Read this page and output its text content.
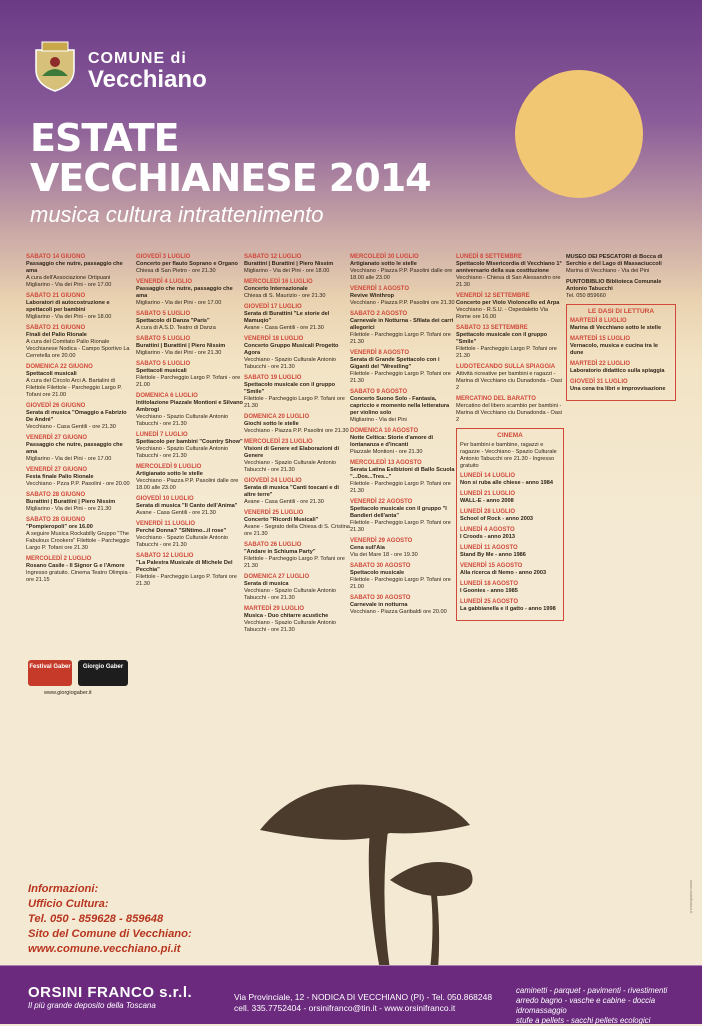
COMUNE di
Vecchiano
ESTATE
VECCHIANESE 2014
musica cultura intrattenimento
SABATO 14 GIUGNO
Passaggio che nutre, passaggio che ama
A cura dell'Associazione Ortipuani Migliarino - Via dei Pini - ore 17.00
SABATO 21 GIUGNO
Laboratori di autocostruzione e spettacoli per bambini
Migliarino - Via dei Pini - ore 18.00
SABATO 21 GIUGNO
Finali del Palio Rionale
A cura del Comitato Palio Rionale Vecchianese Nodica - Campo Sportivo La Cerretella ore 20.00
DOMENICA 22 GIUGNO
Spettacoli musicali
A cura del Circolo Arci A. Bartalini di Filettole Filettole - Parcheggio Largo P. Tofani ore 21.00
GIOVEDÌ 26 GIUGNO
Serata di musica "Omaggio a Fabrizio De André"
Vecchiano - Casa Gentili - ore 21.30
VENERDÌ 27 GIUGNO
Passaggio che nutre, passaggio che ama
Migliarino - Via dei Pini - ore 17.00
VENERDÌ 27 GIUGNO
Festa finale Palio Rionale
Vecchiano - Pzza P.P. Pasolini - ore 20.00
SABATO 28 GIUGNO
Burattini | Burattini | Piero Nissim
Migliarino - Via dei Pini - ore 21.30
SABATO 28 GIUGNO
"Pompieropoli" ore 16.00
A seguire Musica Rockabilly Gruppo "The Fabulous Crookers" Filettole - Parcheggio Largo P. Tofani ore 21.30
MERCOLEDÌ 2 LUGLIO
Rosano Casile - Il Signor G e l'Amore
Ingresso gratuito. Cinema Teatro Olimpia - ore 21.15
GIOVEDÌ 3 LUGLIO
Concerto per flauto Soprano e Organo
Chiesa di San Pietro - ore 21.30
VENERDÌ 4 LUGLIO
Passaggio che nutre, passaggio che ama
Migliarino - Via dei Pini - ore 17.00
SABATO 5 LUGLIO
Spettacolo di Danza "Paris"
A cura di A.S.D. Teatro di Danza
SABATO 5 LUGLIO
Burattini | Burattini | Piero Nissim
Migliarino - Via dei Pini - ore 21.30
SABATO 5 LUGLIO
Spettacoli musicali
Filettole - Parcheggio Largo P. Tofani - ore 21.00
DOMENICA 6 LUGLIO
Intitolazione Piazzale Montioni e Silvano Ambrogi
Vecchiano - Spazio Culturale Antonio Tabucchi - ore 21.30
LUNEDÌ 7 LUGLIO
Spettacolo per bambini "Country Show"
Vecchiano - Spazio Culturale Antonio Tabucchi - ore 21.30
MERCOLEDÌ 9 LUGLIO
Artigianato sotto le stelle
Vecchiano - Piazza P.P. Pasolini dalle ore 18.00 alle 23.00
GIOVEDÌ 10 LUGLIO
Serata di musica "Il Canto dell'Anima"
Avane - Casa Gentili - ore 21.30
VENERDÌ 11 LUGLIO
Perché Donna? "SINtimo...il rose"
Vecchiano - Spazio Culturale Antonio Tabucchi - ore 21.30
SABATO 12 LUGLIO
"La Palestra Musicale di Michele Del Pecchia"
Filettole - Parcheggio Largo P. Tofani ore 21.30
SABATO 12 LUGLIO
Burattini | Burattini | Piero Nissim
Migliarino - Via dei Pini - ore 18.00
MERCOLEDÌ 16 LUGLIO
Concerto Internazionale
Chiesa di S. Maurizio - ore 21.30
GIOVEDÌ 17 LUGLIO
Serata di Burattini "Le storie del Mamuqio"
Avane - Casa Gentili - ore 21.30
VENERDÌ 18 LUGLIO
Concerto Gruppo Musicali Progetto Agora
Vecchiano - Spazio Culturale Antonio Tabucchi - ore 21.30
SABATO 19 LUGLIO
Spettacolo musicale con il gruppo "Smile"
Filettole - Parcheggio Largo P. Tofani ore 21.30
DOMENICA 20 LUGLIO
Giochi sotto le stelle
Vecchiano - Piazza P.P. Pasolini ore 21.30
MERCOLEDÌ 23 LUGLIO
Visioni di Genere ed Elaborazioni di Genere
Vecchiano - Spazio Culturale Antonio Tabucchi - ore 21.30
GIOVEDÌ 24 LUGLIO
Serata di musica "Canti toscani e di altre terre"
Avane - Casa Gentili - ore 21.30
VENERDÌ 25 LUGLIO
Concerto "Ricordi Musicali"
Avane - Segrato della Chiesa di S. Cristina ore 21.30
SABATO 26 LUGLIO
"Andare in Schiuma Party"
Filettole - Parcheggio Largo P. Tofani ore 21.30
DOMENICA 27 LUGLIO
Serata di musica
Vecchiano - Spazio Culturale Antonio Tabucchi - ore 21.30
MARTEDÌ 29 LUGLIO
Musica - Duo chitarre acustiche
Vecchiano - Spazio Culturale Antonio Tabucchi - ore 21.30
MERCOLEDÌ 30 LUGLIO
Artigianato sotto le stelle
Vecchiano - Piazza P.P. Pasolini dalle ore 18.00 alle 23.00
VENERDÌ 1 AGOSTO
Revive Winthrop
Vecchiano - Piazza P.P. Pasolini ore 21.30
SABATO 2 AGOSTO
Carnevale in Notturna - Sfilata dei carri allegorici
Filettole - Parcheggio Largo P. Tofani ore 21.30
VENERDÌ 8 AGOSTO
Serata di Grande Spettacolo con i Giganti del "Wrestling"
Filettole - Parcheggio Largo P. Tofani ore 21.30
SABATO 9 AGOSTO
Concerto Suono Solo - Fantasia, capriccio e momento nella letteratura per violino solo
Migliarino - Via dei Pini
DOMENICA 10 AGOSTO
Notte Celtica: Storie d'amore di lontananza e d'incanti
Piazzale Montioni - ore 21.30
MERCOLEDÌ 13 AGOSTO
Serata Latina Esibizioni di Ballo Scuola "...Dos...Tres..."
Filettole - Parcheggio Largo P. Tofani ore 21.30
VENERDÌ 22 AGOSTO
Spettacolo musicale con il gruppo "I Bandieri dell'anta"
Filettole - Parcheggio Largo P. Tofani ore 21.30
VENERDÌ 29 AGOSTO
Cena sull'Aia
Via dei Mare 18 - ore 19.30
SABATO 30 AGOSTO
Spettacolo musicale
Filettole - Parcheggio Largo P. Tofani ore 21.00
SABATO 30 AGOSTO
Carnevale in notturna
Vecchiano - Piazza Garibaldi ore 20.00
LUNEDÌ 8 SETTEMBRE
Spettacolo Misericordia di Vecchiano 1° anniversario della sua costituzione
Vecchiano - Chiesa di San Alessandro ore 21.30
VENERDÌ 12 SETTEMBRE
Concerto per Violo Violoncello ed Arpa
Vecchiano - R.S.U. - Ospedaletto Via Rome ore 16.00
SABATO 13 SETTEMBRE
Spettacolo musicale con il gruppo "Smile"
Filettole - Parcheggio Largo P. Tofani ore 21.30
LUDOTECANDO SULLA SPIAGGIA
Attività ricreative per bambini e ragazzi - Marina di Vecchiano ciu Dunadonda - Oasi 2
MERCATINO DEL BARATTO
Mercatino del libero scambio per bambini - Marina di Vecchiano ciu Dunadonda - Oasi 2
CINEMA
Per bambini e bambine, ragazzi e ragazze - Vecchiano - Spazio Culturale Antonio Tabucchi ore 21.30 - Ingresso gratuito
LUNEDÌ 14 LUGLIO
Non si ruba alle chiese - anno 1984
LUNEDÌ 21 LUGLIO
WALL-E - anno 2008
LUNEDÌ 28 LUGLIO
School of Rock - anno 2003
LUNEDÌ 4 AGOSTO
I Croods - anno 2013
LUNEDÌ 11 AGOSTO
Stand By Me - anno 1986
VENERDÌ 15 AGOSTO
Alla ricerca di Nemo - anno 2003
LUNEDÌ 18 AGOSTO
I Goonies - anno 1985
LUNEDÌ 25 AGOSTO
La gabbianella e il gatto - anno 1998
MUSEO DEI PESCATORI di Bocca di Serchio e del Lago di Massaciuccoli
Marina di Vecchiano - Via dei Pini
PUNTOBIBLIO Biblioteca Comunale Antonio Tabucchi
Tel. 050 859660
LE DASI DI LETTURA
MARTEDÌ 8 LUGLIO
Marina di Vecchiano sotto le stelle
MARTEDÌ 15 LUGLIO
Vernacolo, musica e cucina tra le dune
MARTEDÌ 22 LUGLIO
Laboratorio didattico sulla spiaggia
GIOVEDÌ 31 LUGLIO
Una cena tra libri e improvvisazione
Festival Gaber	Giorgio Gaber
www.giorgiogaber.it
Informazioni:
Ufficio Cultura:
Tel. 050 - 859628 - 859648
Sito del Comune di Vecchiano:
www.comune.vecchiano.pi.it
www.orsinifranco.it
ORSINI FRANCO s.r.l.
Il più grande deposito della Toscana
Via Provinciale, 12 - NODICA DI VECCHIANO (PI) - Tel. 050.868248
cell. 335.7752404 - orsinifranco@tin.it - www.orsinifranco.it
caminetti - parquet - pavimenti - rivestimenti
arredo bagno - vasche e cabine - doccia idromassaggio
stufe a pellets - sacchi pellets ecologici
